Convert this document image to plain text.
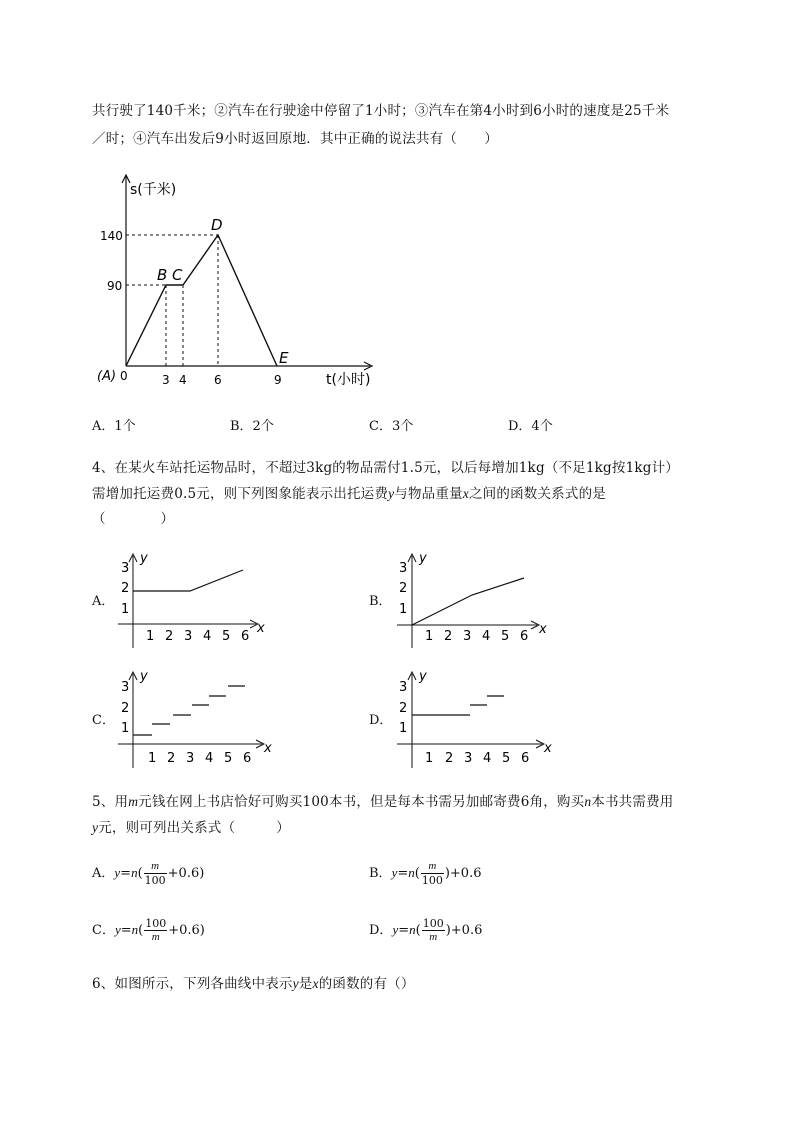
共行驶了140千米；②汽车在行驶途中停留了1小时；③汽车在第4小时到6小时的速度是25千米
／时；④汽车出发后9小时返回原地．其中正确的说法共有（　　）
s(千米)
t(小时)
140
90
(A) 0	3 4 6	9
B C
D
E
A．1个	B．2个	C．3个	D．4个
4、在某火车站托运物品时，不超过3kg的物品需付1.5元，以后每增加1kg（不足1kg按1kg计）
需增加托运费0.5元，则下列图象能表示出托运费y与物品重量x之间的函数关系式的是
（　　　　）
A．	B．
C．	D．
y
x
3
2
1
1 2 3 4 5 6
y
x
3
2
1
1 2 3 4 5 6
y
x
3
2
1
1 2 3 4 5 6
y
x
3
2
1
1 2 3 4 5 6
5、用m元钱在网上书店恰好可购买100本书，但是每本书需另加邮寄费6角，购买n本书共需费用
y元，则可列出关系式（　　　）
A．$y=n( \frac{m}{100} +0.6)$	B．$y=n( \frac{m}{100} )+0.6$
C．$y=n( \frac{100}{m} +0.6)$	D．$y=n( \frac{100}{m} )+0.6$
6、如图所示，下列各曲线中表示y是x的函数的有（）
